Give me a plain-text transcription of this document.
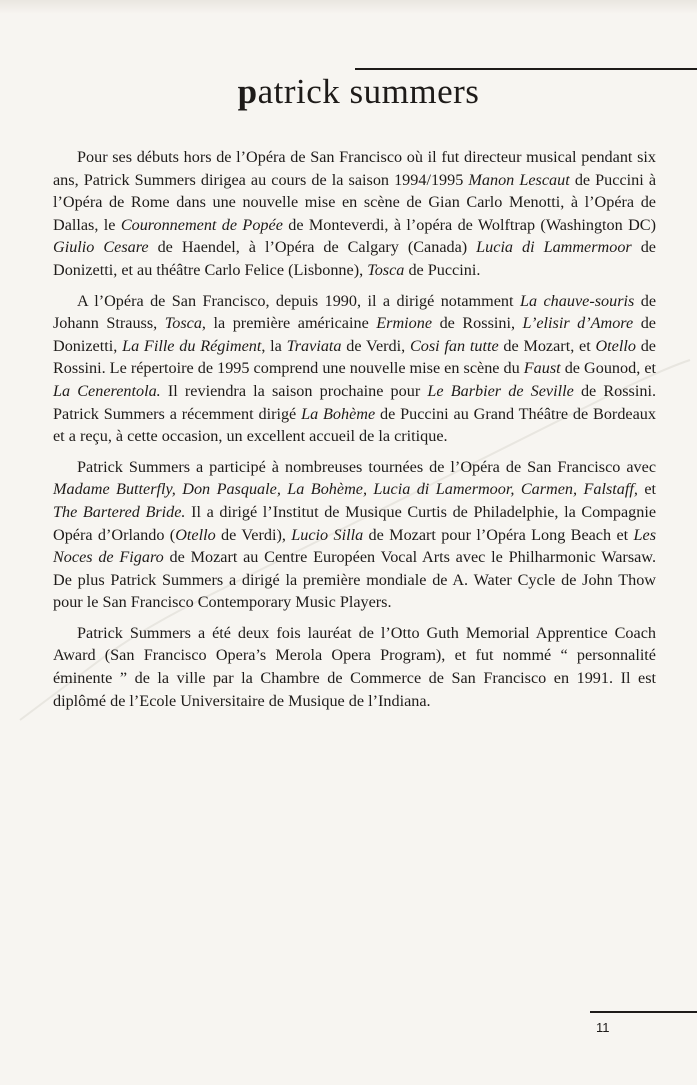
patrick summers

Pour ses débuts hors de l’Opéra de San Francisco où il fut directeur musical pendant six ans, Patrick Summers dirigea au cours de la saison 1994/1995 Manon Lescaut de Puccini à l’Opéra de Rome dans une nouvelle mise en scène de Gian Carlo Menotti, à l’Opéra de Dallas, le Couronnement de Popée de Monteverdi, à l’opéra de Wolftrap (Washington DC) Giulio Cesare de Haendel, à l’Opéra de Calgary (Canada) Lucia di Lammermoor de Donizetti, et au théâtre Carlo Felice (Lisbonne), Tosca de Puccini.

A l’Opéra de San Francisco, depuis 1990, il a dirigé notamment La chauve-souris de Johann Strauss, Tosca, la première américaine Ermione de Rossini, L’elisir d’Amore de Donizetti, La Fille du Régiment, la Traviata de Verdi, Cosi fan tutte de Mozart, et Otello de Rossini. Le répertoire de 1995 comprend une nouvelle mise en scène du Faust de Gounod, et La Cenerentola. Il reviendra la saison prochaine pour Le Barbier de Seville de Rossini. Patrick Summers a récemment dirigé La Bohème de Puccini au Grand Théâtre de Bordeaux et a reçu, à cette occasion, un excellent accueil de la critique.

Patrick Summers a participé à nombreuses tournées de l’Opéra de San Francisco avec Madame Butterfly, Don Pasquale, La Bohème, Lucia di Lamermoor, Carmen, Falstaff, et The Bartered Bride. Il a dirigé l’Institut de Musique Curtis de Philadelphie, la Compagnie Opéra d’Orlando (Otello de Verdi), Lucio Silla de Mozart pour l’Opéra Long Beach et Les Noces de Figaro de Mozart au Centre Européen Vocal Arts avec le Philharmonic Warsaw. De plus Patrick Summers a dirigé la première mondiale de A. Water Cycle de John Thow pour le San Francisco Contemporary Music Players.

Patrick Summers a été deux fois lauréat de l’Otto Guth Memorial Apprentice Coach Award (San Francisco Opera’s Merola Opera Program), et fut nommé “ personnalité éminente ” de la ville par la Chambre de Commerce de San Francisco en 1991. Il est diplômé de l’Ecole Universitaire de Musique de l’Indiana.

11
